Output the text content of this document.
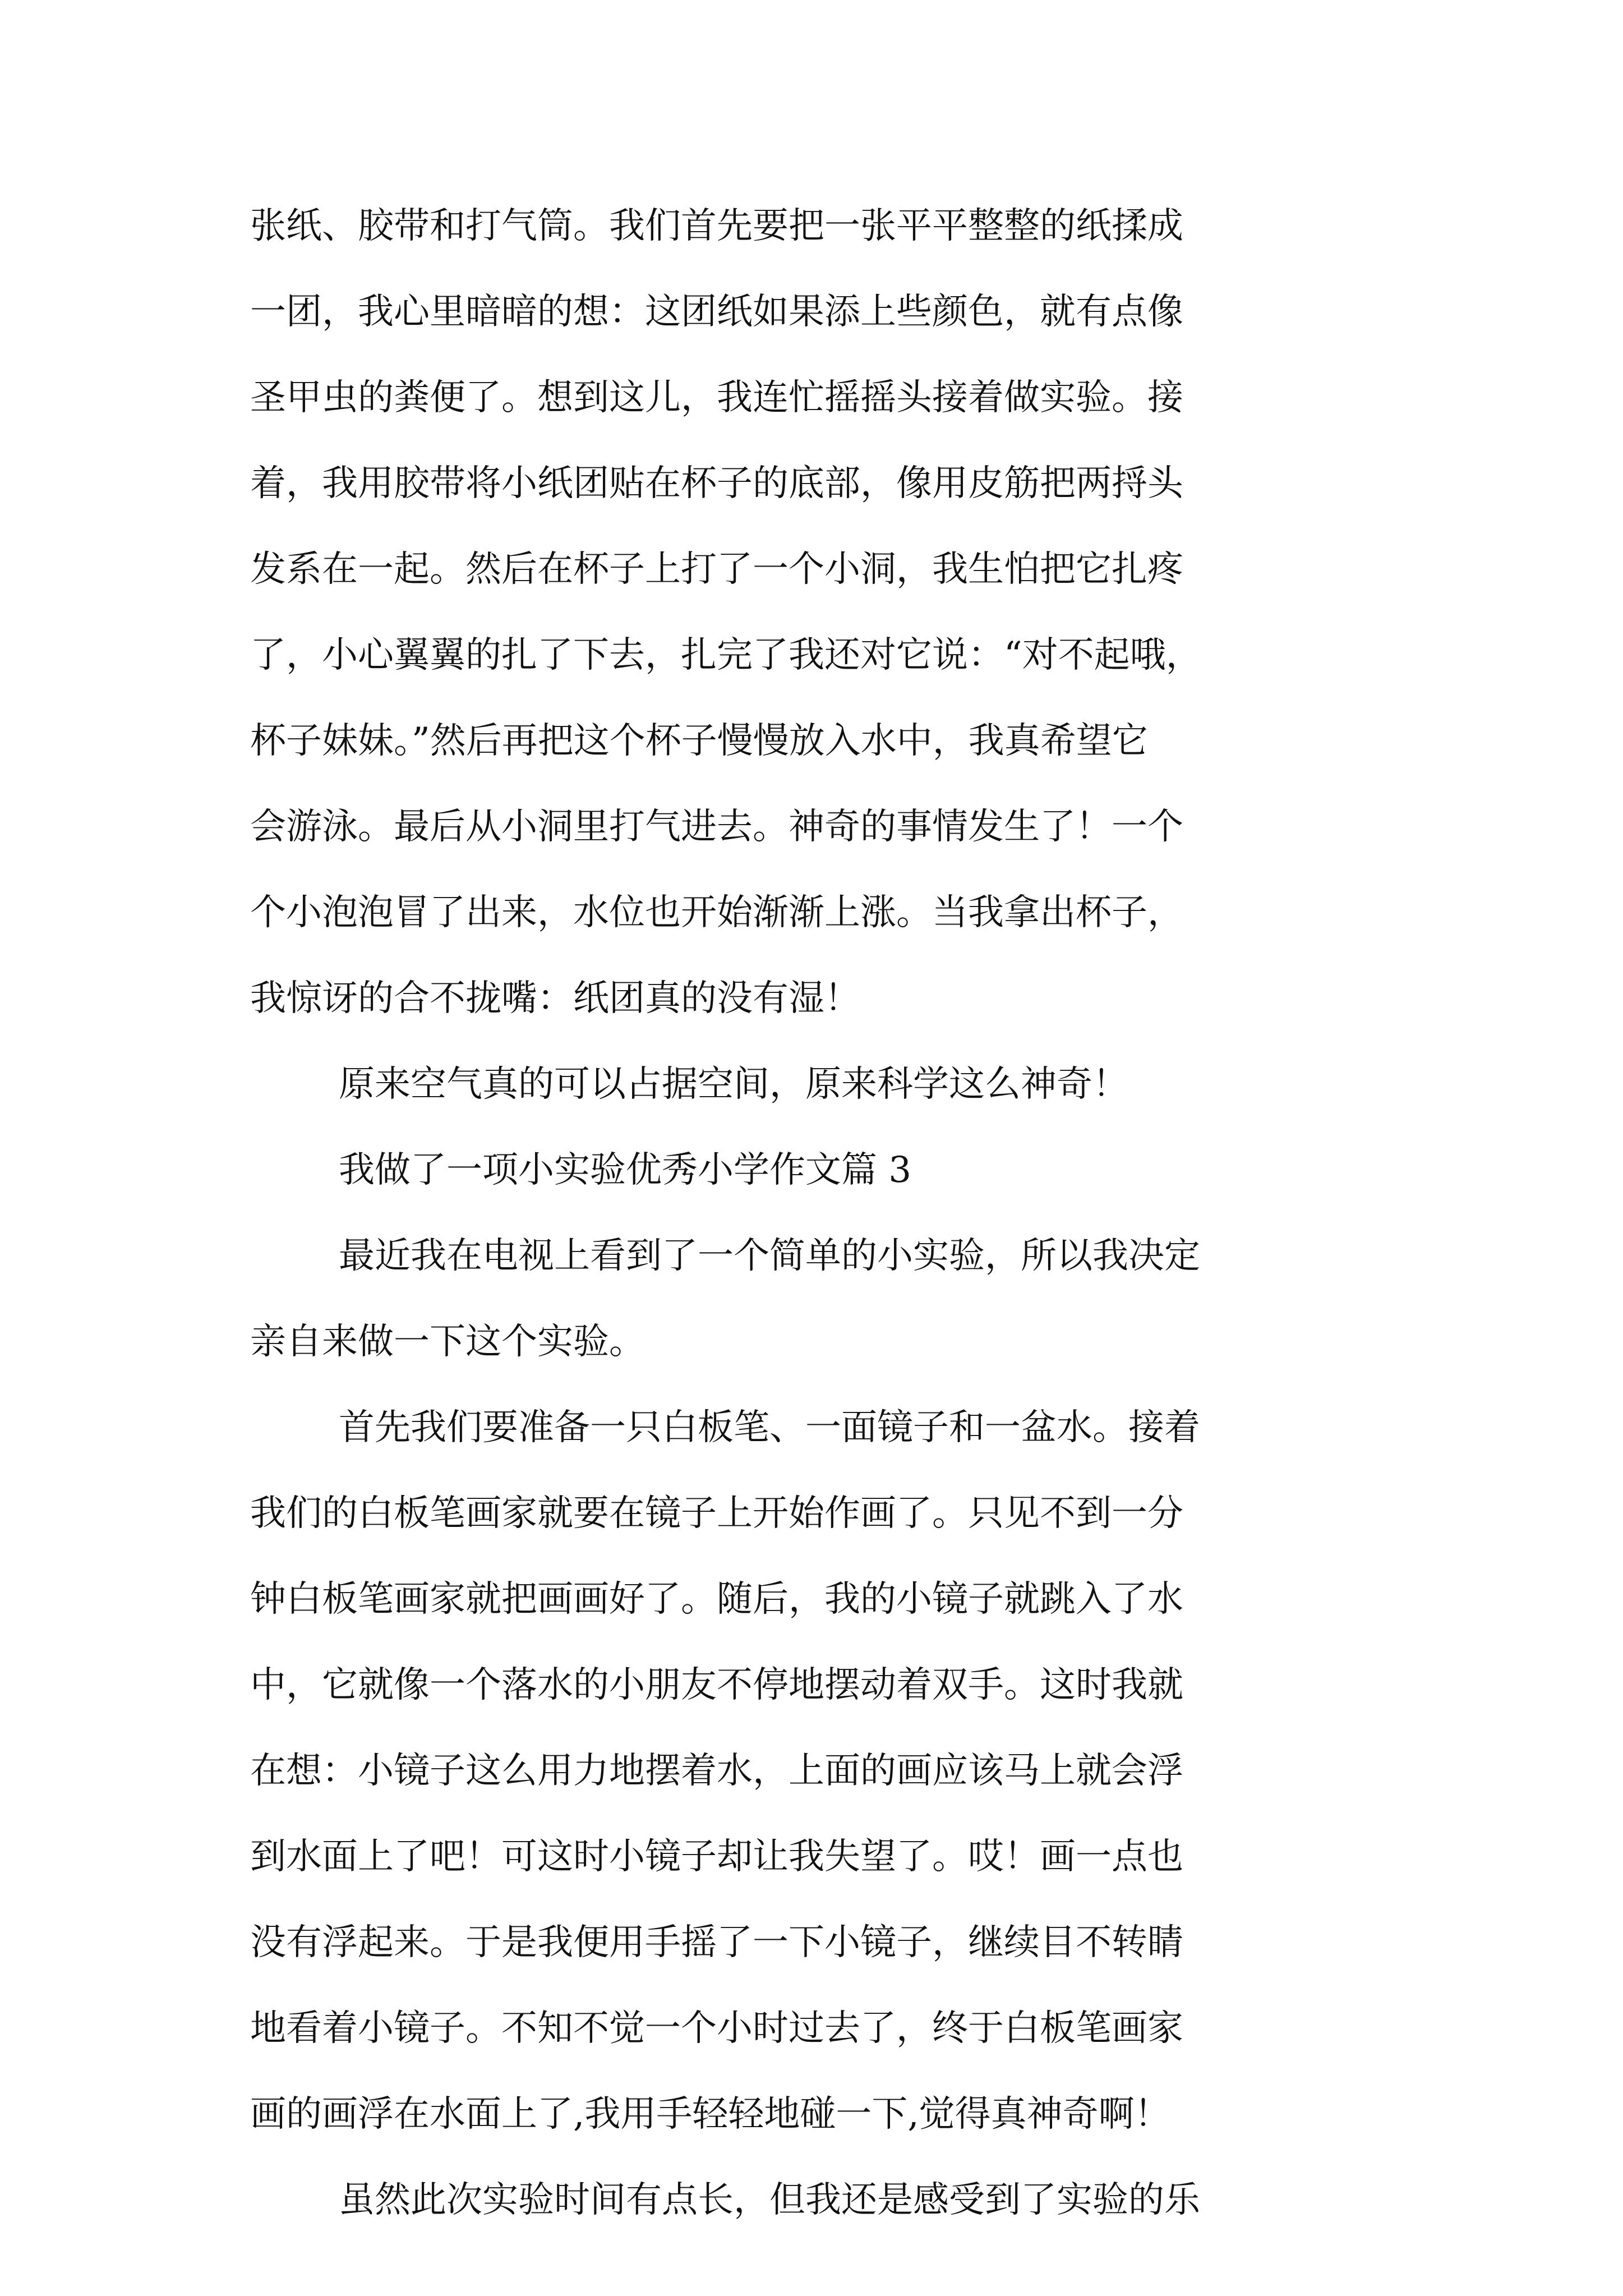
张纸、胶带和打气筒。我们首先要把一张平平整整的纸揉成
一团，我心里暗暗的想：这团纸如果添上些颜色，就有点像
圣甲虫的粪便了。想到这儿，我连忙摇摇头接着做实验。接
着，我用胶带将小纸团贴在杯子的底部，像用皮筋把两捋头
发系在一起。然后在杯子上打了一个小洞，我生怕把它扎疼
了，小心翼翼的扎了下去，扎完了我还对它说：“对不起哦，
杯子妹妹。”然后再把这个杯子慢慢放入水中，我真希望它
会游泳。最后从小洞里打气进去。神奇的事情发生了！一个
个小泡泡冒了出来，水位也开始渐渐上涨。当我拿出杯子，
我惊讶的合不拢嘴：纸团真的没有湿！
原来空气真的可以占据空间，原来科学这么神奇！
我做了一项小实验优秀小学作文篇 3
最近我在电视上看到了一个简单的小实验，所以我决定
亲自来做一下这个实验。
首先我们要准备一只白板笔、一面镜子和一盆水。接着
我们的白板笔画家就要在镜子上开始作画了。只见不到一分
钟白板笔画家就把画画好了。随后，我的小镜子就跳入了水
中，它就像一个落水的小朋友不停地摆动着双手。这时我就
在想：小镜子这么用力地摆着水，上面的画应该马上就会浮
到水面上了吧！可这时小镜子却让我失望了。哎！画一点也
没有浮起来。于是我便用手摇了一下小镜子，继续目不转睛
地看着小镜子。不知不觉一个小时过去了，终于白板笔画家
画的画浮在水面上了,我用手轻轻地碰一下,觉得真神奇啊！
虽然此次实验时间有点长，但我还是感受到了实验的乐
